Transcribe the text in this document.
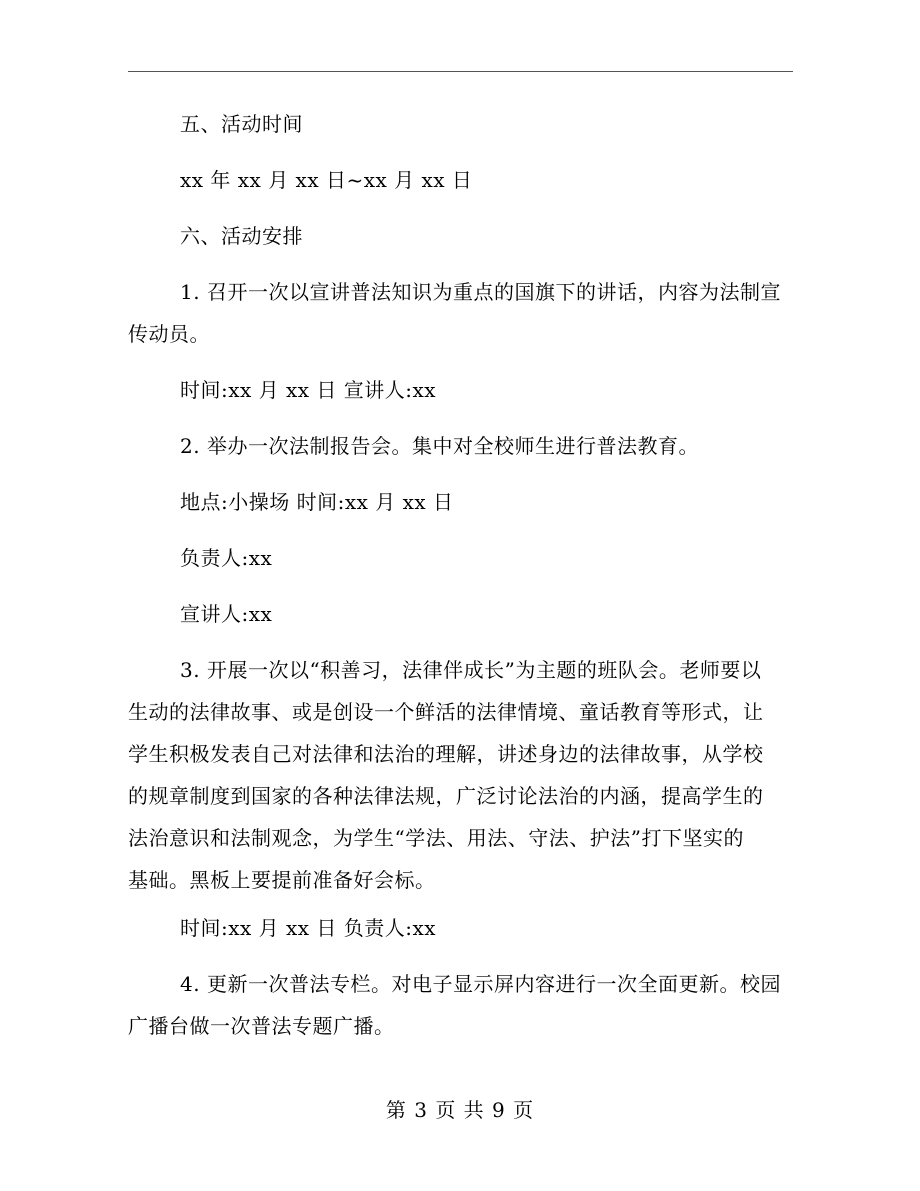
五、活动时间
xx 年 xx 月 xx 日~xx 月 xx 日
六、活动安排
1. 召开一次以宣讲普法知识为重点的国旗下的讲话，内容为法制宣
传动员。
时间:xx 月 xx 日 宣讲人:xx
2. 举办一次法制报告会。集中对全校师生进行普法教育。
地点:小操场 时间:xx 月 xx 日
负责人:xx
宣讲人:xx
3. 开展一次以“积善习，法律伴成长”为主题的班队会。老师要以
生动的法律故事、或是创设一个鲜活的法律情境、童话教育等形式，让
学生积极发表自己对法律和法治的理解，讲述身边的法律故事，从学校
的规章制度到国家的各种法律法规，广泛讨论法治的内涵，提高学生的
法治意识和法制观念，为学生“学法、用法、守法、护法”打下坚实的
基础。黑板上要提前准备好会标。
时间:xx 月 xx 日 负责人:xx
4. 更新一次普法专栏。对电子显示屏内容进行一次全面更新。校园
广播台做一次普法专题广播。
第 3 页 共 9 页
